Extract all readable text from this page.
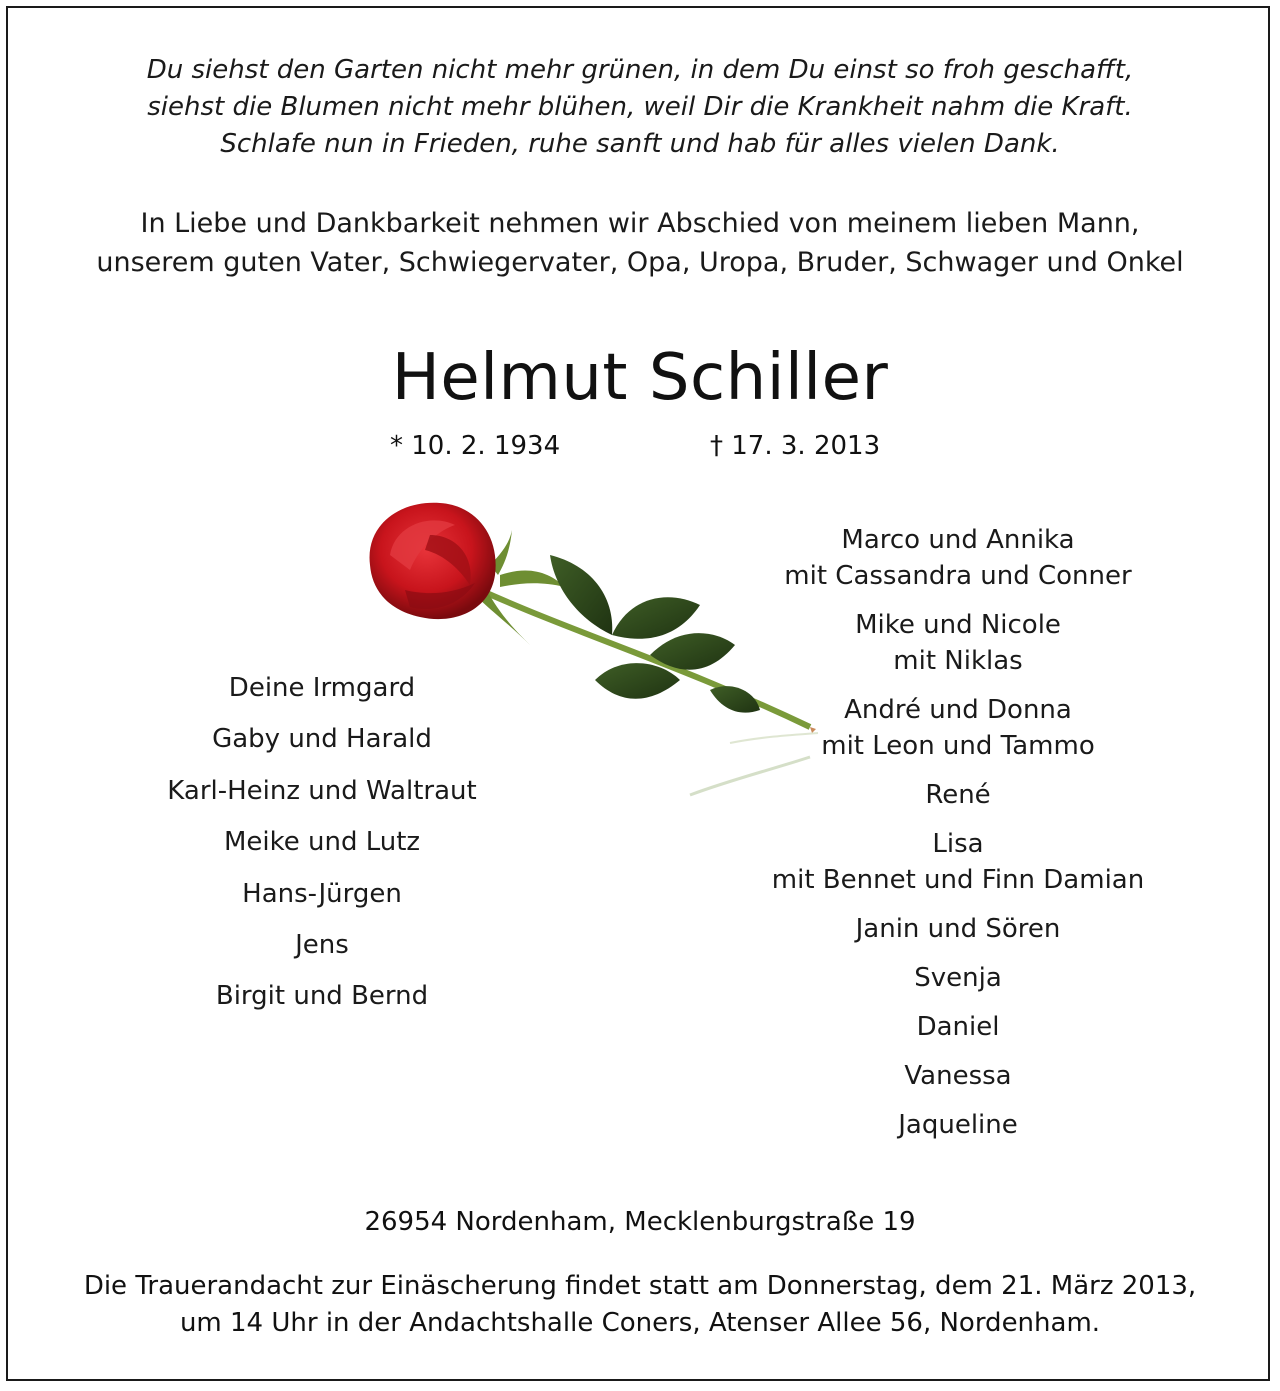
Du siehst den Garten nicht mehr grünen, in dem Du einst so froh geschafft,
siehst die Blumen nicht mehr blühen, weil Dir die Krankheit nahm die Kraft.
Schlafe nun in Frieden, ruhe sanft und hab für alles vielen Dank.
In Liebe und Dankbarkeit nehmen wir Abschied von meinem lieben Mann,
unserem guten Vater, Schwiegervater, Opa, Uropa, Bruder, Schwager und Onkel
Helmut Schiller
* 10. 2. 1934	† 17. 3. 2013
Deine Irmgard
Gaby und Harald
Karl-Heinz und Waltraut
Meike und Lutz
Hans-Jürgen
Jens
Birgit und Bernd
Marco und Annika
mit Cassandra und Conner
Mike und Nicole
mit Niklas
André und Donna
mit Leon und Tammo
René
Lisa
mit Bennet und Finn Damian
Janin und Sören
Svenja
Daniel
Vanessa
Jaqueline
26954 Nordenham, Mecklenburgstraße 19
Die Trauerandacht zur Einäscherung findet statt am Donnerstag, dem 21. März 2013,
um 14 Uhr in der Andachtshalle Coners, Atenser Allee 56, Nordenham.
